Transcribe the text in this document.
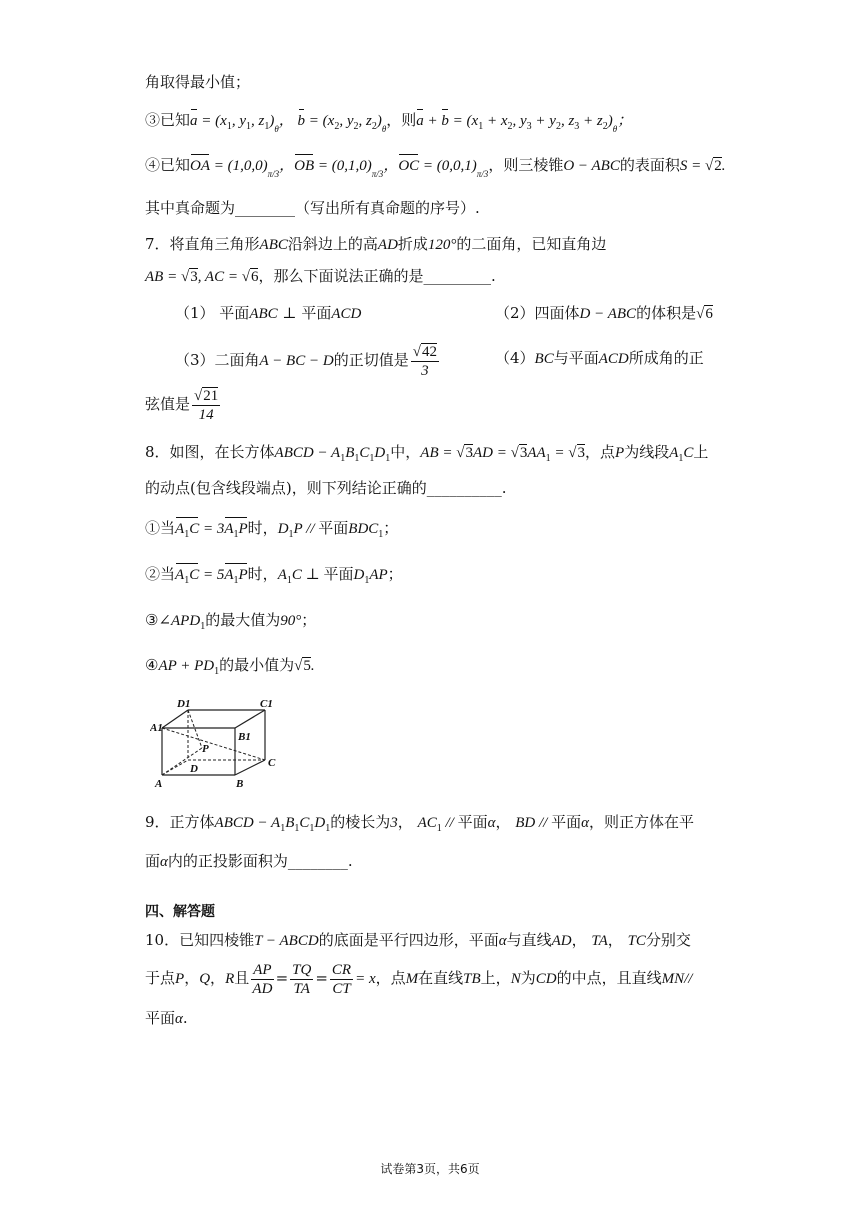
角取得最小值；
③已知$a = (x_1$, $y_1$, $z_1)_\theta$， $b = (x_2$, $y_2$, $z_2)_\theta$，则$a + b = (x_1 + x_2$, $y_3 + y_2$, $z_3 + z_2)_\theta$；
④已知OA = $(1,0,0)_{\pi/3}$，OB = $(0,1,0)_{\pi/3}$，OC = $(0,0,1)_{\pi/3}$，则三棱锥O − ABC的表面积S = √2.
其中真命题为________（写出所有真命题的序号）.
7．将直角三角形ABC沿斜边上的高AD折成120°的二面角，已知直角边
AB = √3, AC = √6，那么下面说法正确的是_________.
（1） 平面ABC ⊥ 平面ACD	（2）四面体D − ABC的体积是√6
（3）二面角A − BC − D的正切值是 $\frac{√42}{3}$	（4）BC与平面ACD所成角的正
弦值是 $\frac{√21}{14}$
8．如图，在长方体ABCD − $A_1B_1C_1D_1$中，AB = $√3AD = √3AA_1 = √3$，点P为线段$A_1C$上
的动点(包含线段端点)，则下列结论正确的__________.
①当$A_1C = 3A_1P$时，$D_1P$ // 平面$BDC_1$；
②当$A_1C = 5A_1P$时，$A_1C$ ⊥ 平面$D_1AP$；
$③\angle APD_1$的最大值为90°；
④AP + $PD_1$的最小值为√5.
D1	C1
A1
B1
P
D	C
A	B
9．正方体ABCD − $A_1B_1C_1D_1$的棱长为3， $AC_1$ // 平面α， BD // 平面α，则正方体在平
面α内的正投影面积为________.
四、解答题
10．已知四棱锥T − ABCD的底面是平行四边形，平面α与直线AD， TA， TC分别交
于点P，Q，R且 $\frac{AP}{AD} = \frac{TQ}{TA} = \frac{CR}{CT} = x$，点M在直线TB上，N为CD的中点，且直线MN//
平面α.
试卷第3页，共6页
